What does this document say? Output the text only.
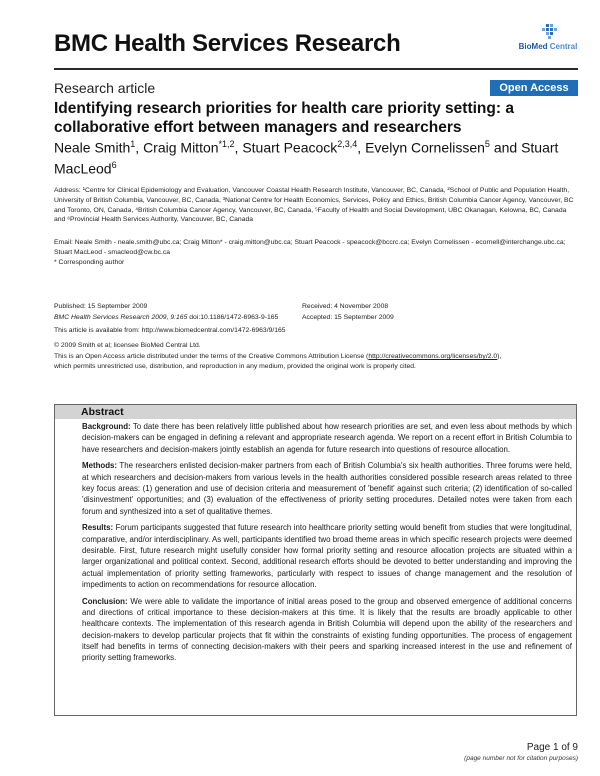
BMC Health Services Research	BioMed Central
Research article	Open Access
Identifying research priorities for health care priority setting: a collaborative effort between managers and researchers
Neale Smith$^1$, Craig Mitton$^{*1,2}$, Stuart Peacock$^{2,3,4}$, Evelyn Cornelissen$^5$ and Stuart MacLeod$^6$
Address: ¹Centre for Clinical Epidemiology and Evaluation, Vancouver Coastal Health Research Institute, Vancouver, BC, Canada, ²School of Public and Population Health, University of British Columbia, Vancouver, BC, Canada, ³National Centre for Health Economics, Services, Policy and Ethics, British Columbia Cancer Agency, Vancouver, BC and Toronto, ON, Canada, ⁴British Columbia Cancer Agency, Vancouver, BC, Canada, ⁵Faculty of Health and Social Development, UBC Okanagan, Kelowna, BC, Canada and ⁶Provincial Health Services Authority, Vancouver, BC, Canada
Email: Neale Smith - neale.smith@ubc.ca; Craig Mitton* - craig.mitton@ubc.ca; Stuart Peacock - speacock@bccrc.ca; Evelyn Cornelissen - ecornell@interchange.ubc.ca; Stuart MacLeod - smacleod@cw.bc.ca
* Corresponding author
Published: 15 September 2009	Received: 4 November 2008
BMC Health Services Research 2009, 9:165 doi:10.1186/1472-6963-9-165	Accepted: 15 September 2009
This article is available from: http://www.biomedcentral.com/1472-6963/9/165
© 2009 Smith et al; licensee BioMed Central Ltd.
This is an Open Access article distributed under the terms of the Creative Commons Attribution License (http://creativecommons.org/licenses/by/2.0),
which permits unrestricted use, distribution, and reproduction in any medium, provided the original work is properly cited.
Abstract

Background: To date there has been relatively little published about how research priorities are set, and even less about methods by which decision-makers can be engaged in defining a relevant and appropriate research agenda. We report on a recent effort in British Columbia to have researchers and decision-makers jointly establish an agenda for future research into questions of resource allocation.

Methods: The researchers enlisted decision-maker partners from each of British Columbia's six health authorities. Three forums were held, at which researchers and decision-makers from various levels in the health authorities considered possible research areas related to three key focus areas: (1) generation and use of decision criteria and measurement of 'benefit' against such criteria; (2) identification of so-called 'disinvestment' opportunities; and (3) evaluation of the effectiveness of priority setting procedures. Detailed notes were taken from each forum and synthesized into a set of qualitative themes.

Results: Forum participants suggested that future research into healthcare priority setting would benefit from studies that were longitudinal, comparative, and/or interdisciplinary. As well, participants identified two broad theme areas in which specific research projects were deemed desirable. First, future research might usefully consider how formal priority setting and resource allocation projects are situated within a larger organizational and political context. Second, additional research efforts should be devoted to better understanding and improving the actual implementation of priority setting frameworks, particularly with respect to issues of change management and the resolution of impediments to action on recommendations for resource allocation.

Conclusion: We were able to validate the importance of initial areas posed to the group and observed emergence of additional concerns and directions of critical importance to these decision-makers at this time. It is likely that the results are broadly applicable to other healthcare contexts. The implementation of this research agenda in British Columbia will depend upon the ability of the researchers and decision-makers to develop particular projects that fit within the constraints of existing funding opportunities. The process of engagement itself had benefits in terms of connecting decision-makers with their peers and sparking increased interest in the use and refinement of priority setting frameworks.

Page 1 of 9
(page number not for citation purposes)
